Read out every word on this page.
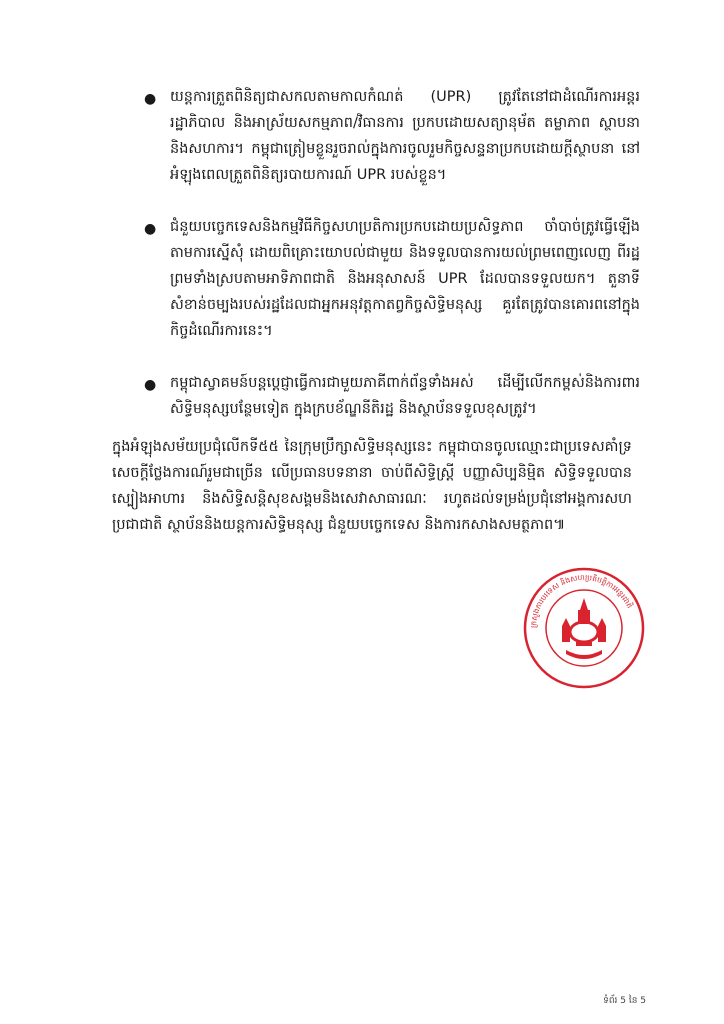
● យន្តការត្រួតពិនិត្យជាសកលតាមកាលកំណត់ (UPR) ត្រូវតែនៅជាដំណើរការអន្តររដ្ឋាភិបាល និងអាស្រ័យសកម្មភាព/វិធានការ ប្រកបដោយសត្យានុម័ត តម្លាភាព ស្ថាបនា និងសហការ។ កម្ពុជាត្រៀមខ្លួនរួចរាល់ក្នុងការចូលរួមកិច្ចសន្ទនាប្រកបដោយក្តីស្ថាបនា នៅអំឡុងពេលត្រួតពិនិត្យរបាយការណ៍ UPR របស់ខ្លួន។
● ជំនួយបច្ចេកទេសនិងកម្មវិធីកិច្ចសហប្រតិការប្រកបដោយប្រសិទ្ធភាព ចាំបាច់ត្រូវធ្វើឡើងតាមការស្នើសុំ ដោយពិគ្រោះយោបល់ជាមួយ និងទទួលបានការយល់ព្រមពេញលេញ ពីរដ្ឋ ព្រមទាំងស្របតាមអាទិភាពជាតិ និងអនុសាសន៍ UPR ដែលបានទទួលយក។ តួនាទីសំខាន់ចម្បងរបស់រដ្ឋដែលជាអ្នកអនុវត្តកាតព្វកិច្ចសិទ្ធិមនុស្ស គួរតែត្រូវបានគោរពនៅក្នុងកិច្ចដំណើរការនេះ។
● កម្ពុជាស្វាគមន៍បន្តប្ដេជ្ញាធ្វើការជាមួយភាគីពាក់ព័ន្ធទាំងអស់ ដើម្បីលើកកម្ពស់និងការពារសិទ្ធិមនុស្សបន្ថែមទៀត ក្នុងក្របខ័ណ្ឌនីតិរដ្ឋ និងស្ថាប័នទទួលខុសត្រូវ។

ក្នុងអំឡុងសម័យប្រជុំលើកទី៥៥ នៃក្រុមប្រឹក្សាសិទ្ធិមនុស្សនេះ កម្ពុជាបានចូលឈ្មោះជាប្រទេសគាំទ្រសេចក្ដីថ្លែងការណ៍រួមជាច្រើន លើប្រធានបទនានា ចាប់ពីសិទ្ធិស្ត្រី បញ្ញាសិប្បនិម្មិត សិទ្ធិទទួលបានស្បៀងអាហារ និងសិទ្ធិសន្តិសុខសង្គមនិងសេវាសាធារណៈ រហូតដល់ទម្រង់ប្រជុំនៅអង្គការសហប្រជាជាតិ ស្ថាប័ននិងយន្តការសិទ្ធិមនុស្ស ជំនួយបច្ចេកទេស និងការកសាងសមត្ថភាព៕

ក្រសួងការបរទេស និងសហប្រតិបត្តិការអន្តរជាតិ
ទំព័រ 5 នៃ 5
